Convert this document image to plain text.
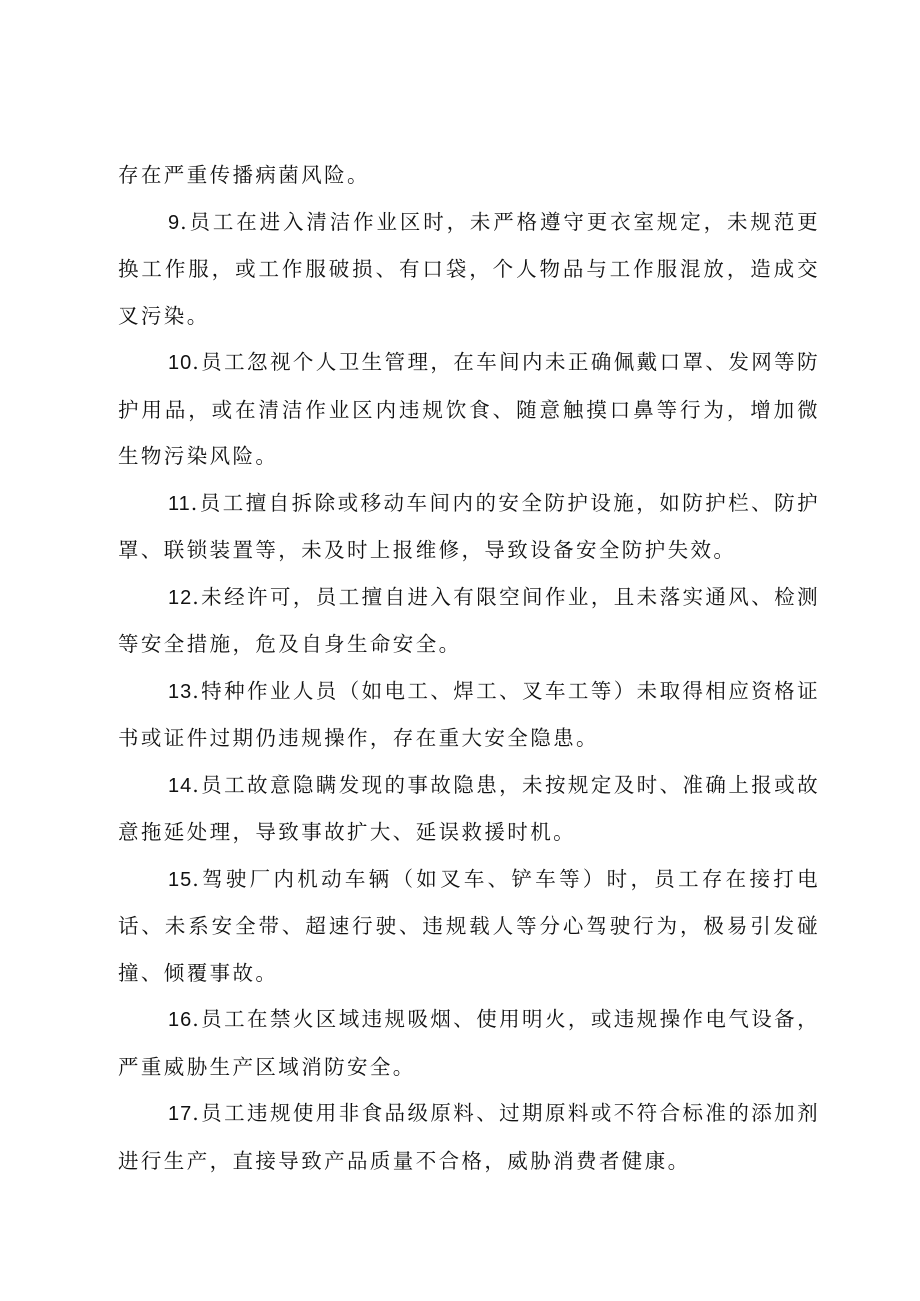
存在严重传播病菌风险。

9.员工在进入清洁作业区时，未严格遵守更衣室规定，未规范更换工作服，或工作服破损、有口袋，个人物品与工作服混放，造成交叉污染。

10.员工忽视个人卫生管理，在车间内未正确佩戴口罩、发网等防护用品，或在清洁作业区内违规饮食、随意触摸口鼻等行为，增加微生物污染风险。

11.员工擅自拆除或移动车间内的安全防护设施，如防护栏、防护罩、联锁装置等，未及时上报维修，导致设备安全防护失效。

12.未经许可，员工擅自进入有限空间作业，且未落实通风、检测等安全措施，危及自身生命安全。

13.特种作业人员（如电工、焊工、叉车工等）未取得相应资格证书或证件过期仍违规操作，存在重大安全隐患。

14.员工故意隐瞒发现的事故隐患，未按规定及时、准确上报或故意拖延处理，导致事故扩大、延误救援时机。

15.驾驶厂内机动车辆（如叉车、铲车等）时，员工存在接打电话、未系安全带、超速行驶、违规载人等分心驾驶行为，极易引发碰撞、倾覆事故。

16.员工在禁火区域违规吸烟、使用明火，或违规操作电气设备，严重威胁生产区域消防安全。

17.员工违规使用非食品级原料、过期原料或不符合标准的添加剂进行生产，直接导致产品质量不合格，威胁消费者健康。
